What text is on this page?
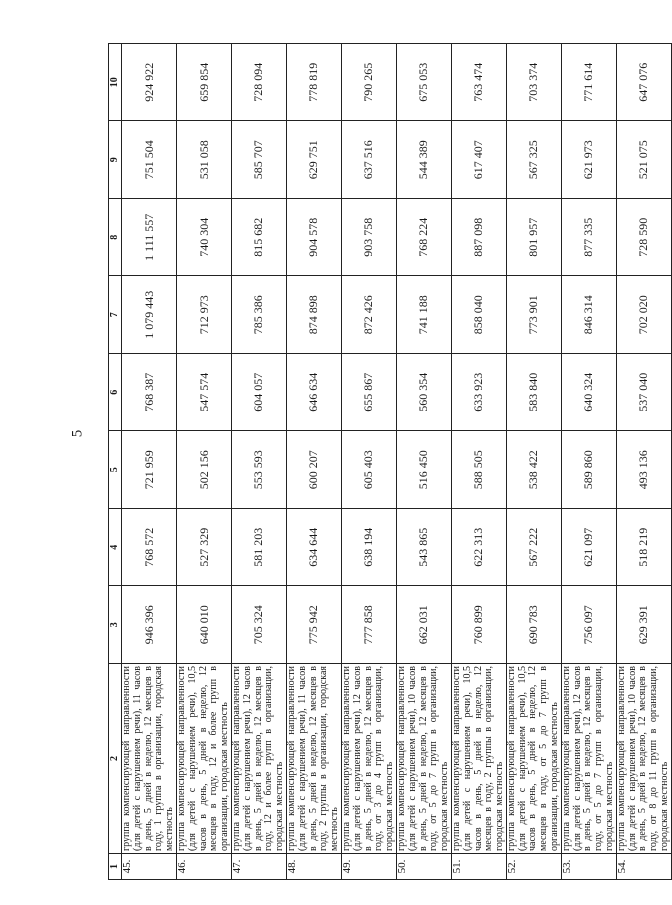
5
1	2	3	4	5	6	7	8	9	10
45.	группа компенсирующей направленности (для детей с нарушением речи), 11 часов в день, 5 дней в неделю, 12 месяцев в году, 1 группа в организации, городская местность	946 396	768 572	721 959	768 387	1 079 443	1 111 557	751 504	924 922
46.	группа компенсирующей направленности (для детей с нарушением речи), 10,5 часов в день, 5 дней в неделю, 12 месяцев в году, 12 и более групп в организации, городская местность	640 010	527 329	502 156	547 574	712 973	740 304	531 058	659 854
47.	группа компенсирующей направленности (для детей с нарушением речи), 12 часов в день, 5 дней в неделю, 12 месяцев в году, 12 и более групп в организации, городская местность	705 324	581 203	553 593	604 057	785 386	815 682	585 707	728 094
48.	группа компенсирующей направленности (для детей с нарушением речи), 11 часов в день, 5 дней в неделю, 12 месяцев в году, 2 группы в организации, городская местность	775 942	634 644	600 207	646 634	874 898	904 578	629 751	778 819
49.	группа компенсирующей направленности (для детей с нарушением речи), 12 часов в день, 5 дней в неделю, 12 месяцев в году, от 3 до 4 групп в организации, городская местность	777 858	638 194	605 403	655 867	872 426	903 758	637 516	790 265
50.	группа компенсирующей направленности (для детей с нарушением речи), 10 часов в день, 5 дней в неделю, 12 месяцев в году, от 5 до 7 групп в организации, городская местность	662 031	543 865	516 450	560 354	741 188	768 224	544 389	675 053
51.	группа компенсирующей направленности (для детей с нарушением речи), 10,5 часов в день, 5 дней в неделю, 12 месяцев в году, 2 группы в организации, городская местность	760 899	622 313	588 505	633 923	858 040	887 098	617 407	763 474
52.	группа компенсирующей направленности (для детей с нарушением речи), 10,5 часов в день, 5 дней в неделю, 12 месяцев в году, от 5 до 7 групп в организации, городская местность	690 783	567 222	538 422	583 840	773 901	801 957	567 325	703 374
53.	группа компенсирующей направленности (для детей с нарушением речи), 12 часов в день, 5 дней в неделю, 12 месяцев в году, от 5 до 7 групп в организации, городская местность	756 097	621 097	589 860	640 324	846 314	877 335	621 973	771 614
54.	группа компенсирующей направленности (для детей с нарушением речи), 10 часов в день, 5 дней в неделю, 12 месяцев в году, от 8 до 11 групп в организации, городская местность	629 391	518 219	493 136	537 040	702 020	728 590	521 075	647 076
